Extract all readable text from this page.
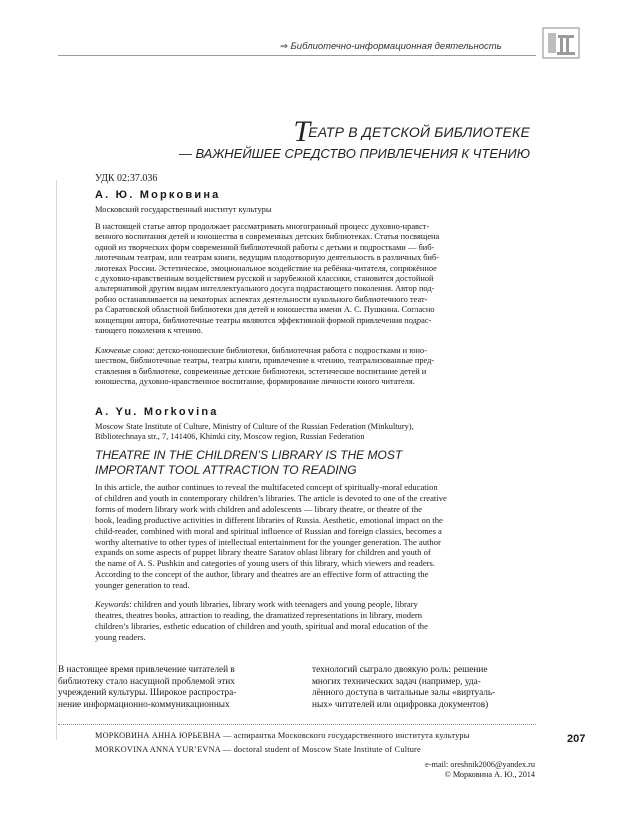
⇒ Библиотечно-информационная деятельность
ТЕАТР В ДЕТСКОЙ БИБЛИОТЕКЕ
— ВАЖНЕЙШЕЕ СРЕДСТВО ПРИВЛЕЧЕНИЯ К ЧТЕНИЮ
УДК 02:37.036
А. Ю. Морковина
Московский государственный институт культуры
В настоящей статье автор продолжает рассматривать многогранный процесс духовно-нравст-
венного воспитания детей и юношества в современных детских библиотеках. Статья посвящена
одной из творческих форм современной библиотечной работы с детьми и подростками — биб-
лиотечным театрам, или театрам книги, ведущим плодотворную деятельность в различных биб-
лиотеках России. Эстетическое, эмоциональное воздействие на ребёнка-читателя, сопряжённое
с духовно-нравственным воздействием русской и зарубежной классики, становится достойной
альтернативой другим видам интеллектуального досуга подрастающего поколения. Автор под-
робно останавливается на некоторых аспектах деятельности кукольного библиотечного теат-
ра Саратовской областной библиотеки для детей и юношества имени А. С. Пушкина. Согласно
концепции автора, библиотечные театры являются эффективной формой привлечения подрас-
тающего поколения к чтению.
Ключевые слова: детско-юношеские библиотеки, библиотечная работа с подростками и юно-
шеством, библиотечные театры, театры книги, привлечение к чтению, театрализованные пред-
ставления в библиотеке, современные детские библиотеки, эстетическое воспитание детей и
юношества, духовно-нравственное воспитание, формирование личности юного читателя.
A. Yu. Morkovina
Moscow State Institute of Culture, Ministry of Culture of the Russian Federation (Minkultury),
Bibliotechnaya str., 7, 141406, Khimki city, Moscow region, Russian Federation
THEATRE IN THE CHILDREN’S LIBRARY IS THE MOST
IMPORTANT TOOL ATTRACTION TO READING
In this article, the author continues to reveal the multifaceted concept of spiritually-moral education
of children and youth in contemporary children’s libraries. The article is devoted to one of the creative
forms of modern library work with children and adolescents — library theatre, or theatre of the
book, leading productive activities in different libraries of Russia. Aesthetic, emotional impact on the
child-reader, combined with moral and spiritual influence of Russian and foreign classics, becomes a
worthy alternative to other types of intellectual entertainment for the younger generation. The author
expands on some aspects of puppet library theatre Saratov oblast library for children and youth of
the name of A. S. Pushkin and categories of young users of this library, which viewers and readers.
According to the concept of the author, library and theatres are an effective form of attracting the
younger generation to read.
Keywords: children and youth libraries, library work with teenagers and young people, library
theatres, theatres books, attraction to reading, the dramatized representations in library, modern
children’s libraries, esthetic education of children and youth, spiritual and moral education of the
young readers.
В настоящее время привлечение читателей в
библиотеку стало насущной проблемой этих
учреждений культуры. Широкое распростра-
нение информационно-коммуникационных
технологий сыграло двоякую роль: решение
многих технических задач (например, уда-
лённого доступа в читальные залы «виртуаль-
ных» читателей или оцифровка документов)
МОРКОВИНА АННА ЮРЬЕВНА — аспирантка Московского государственного института культуры
MORKOVINA ANNA YUR’EVNA — doctoral student of Moscow State Institute of Culture
207
e-mail: oreshnik2006@yandex.ru
© Морковина А. Ю., 2014
